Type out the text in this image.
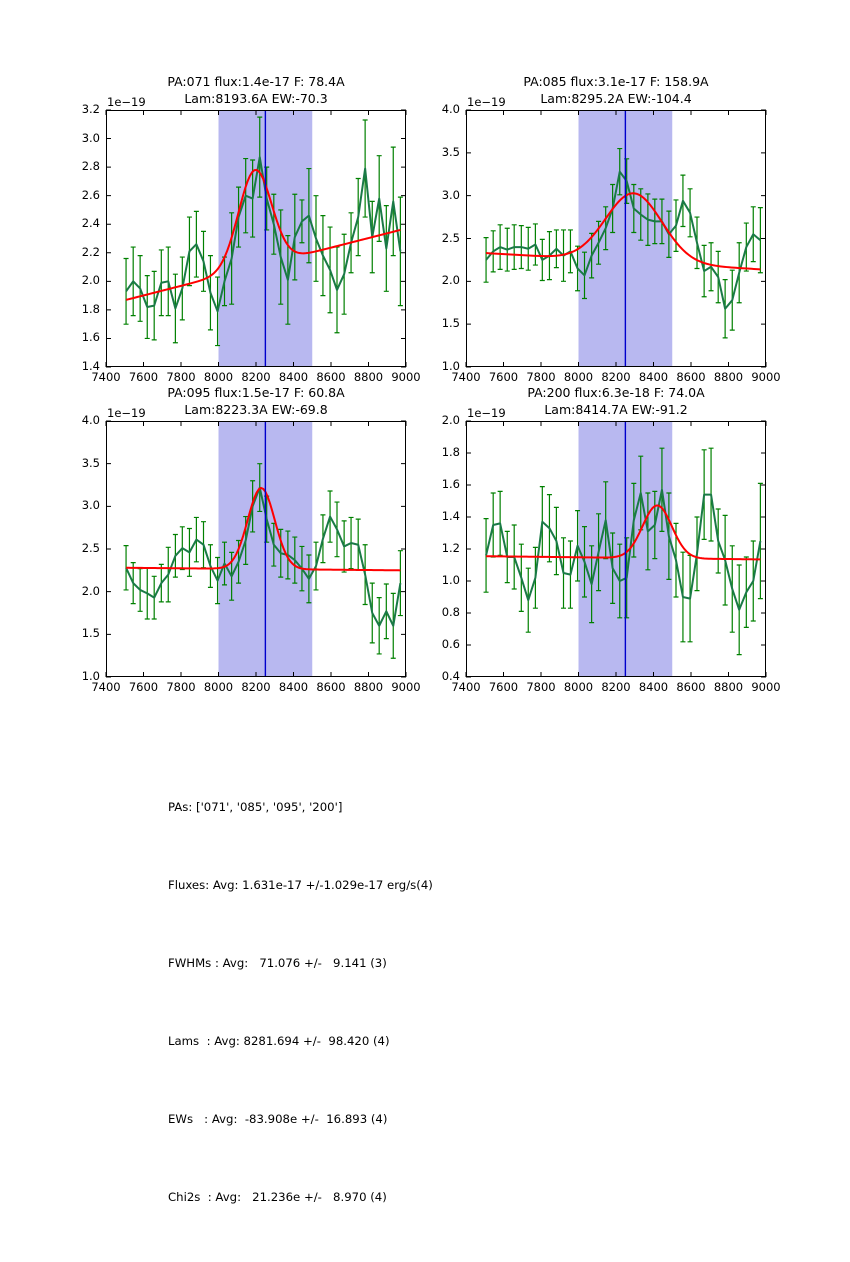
PA:071 flux:1.4e-17 F: 78.4A
Lam:8193.6A EW:-70.3
1e−19
7400 7600 7800 8000 8200 8400 8600 8800 9000
1.4
1.6
1.8
2.0
2.2
2.4
2.6
2.8
3.0
3.2
PA:085 flux:3.1e-17 F: 158.9A
Lam:8295.2A EW:-104.4
1e−19
7400 7600 7800 8000 8200 8400 8600 8800 9000
1.0
1.5
2.0
2.5
3.0
3.5
4.0
PA:095 flux:1.5e-17 F: 60.8A
Lam:8223.3A EW:-69.8
1e−19
7400 7600 7800 8000 8200 8400 8600 8800 9000
1.0
1.5
2.0
2.5
3.0
3.5
4.0
PA:200 flux:6.3e-18 F: 74.0A
Lam:8414.7A EW:-91.2
1e−19
7400 7600 7800 8000 8200 8400 8600 8800 9000
0.4
0.6
0.8
1.0
1.2
1.4
1.6
1.8
2.0

PAs: ['071', '085', '095', '200']

Fluxes: Avg: 1.631e-17 +/-1.029e-17 erg/s(4)

FWHMs : Avg:   71.076 +/-   9.141 (3)

Lams  : Avg: 8281.694 +/-  98.420 (4)

EWs   : Avg:  -83.908e +/-  16.893 (4)

Chi2s  : Avg:   21.236e +/-   8.970 (4)
